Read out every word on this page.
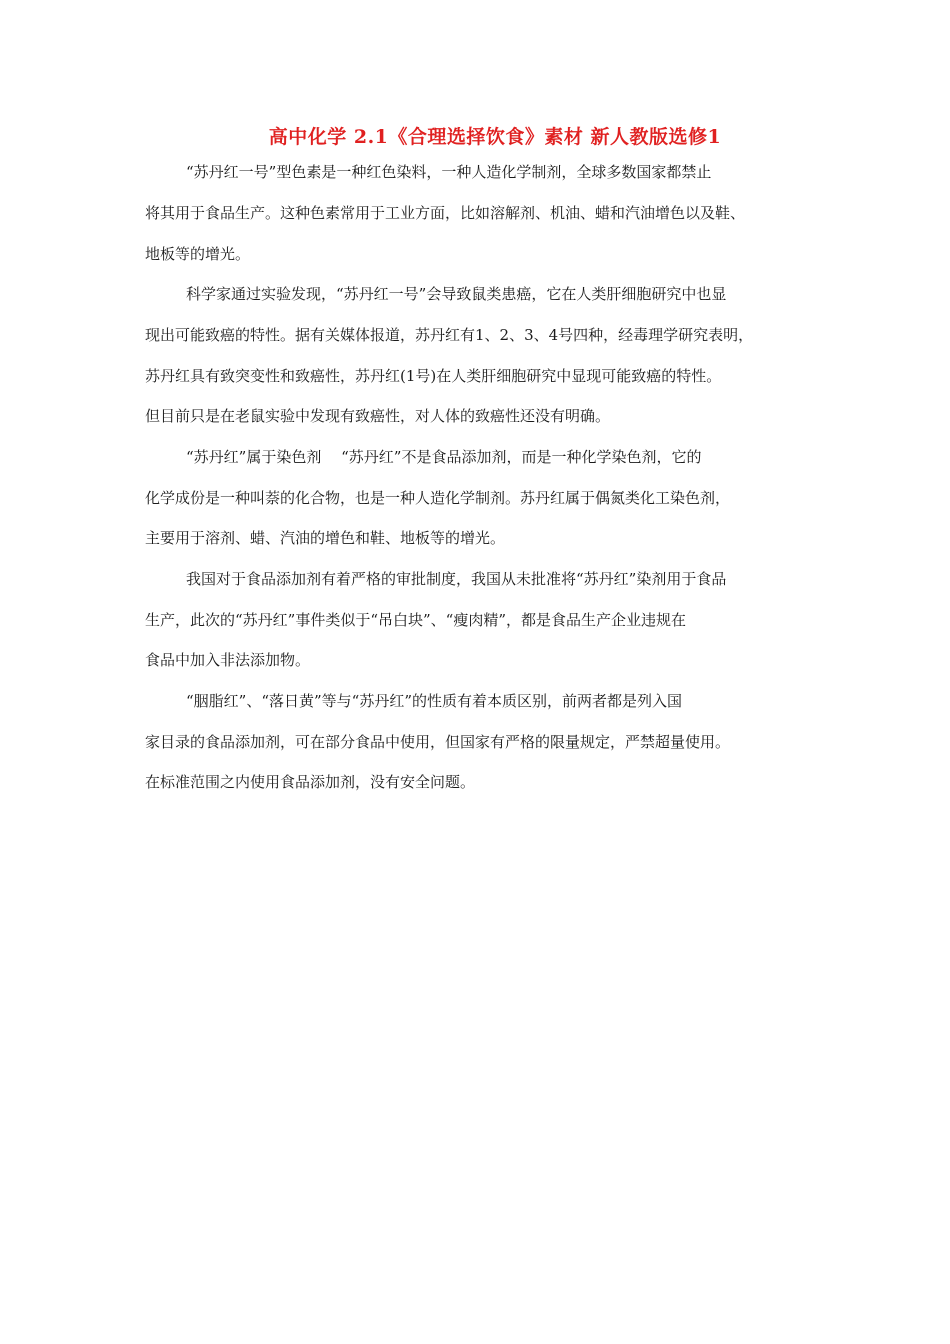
高中化学 2.1《合理选择饮食》素材 新人教版选修1
“苏丹红一号”型色素是一种红色染料，一种人造化学制剂，全球多数国家都禁止
将其用于食品生产。这种色素常用于工业方面，比如溶解剂、机油、蜡和汽油增色以及鞋、
地板等的增光。
科学家通过实验发现，“苏丹红一号”会导致鼠类患癌，它在人类肝细胞研究中也显
现出可能致癌的特性。据有关媒体报道，苏丹红有1、2、3、4号四种，经毒理学研究表明，
苏丹红具有致突变性和致癌性，苏丹红(1号)在人类肝细胞研究中显现可能致癌的特性。
但目前只是在老鼠实验中发现有致癌性，对人体的致癌性还没有明确。
“苏丹红”属于染色剂　 “苏丹红”不是食品添加剂，而是一种化学染色剂，它的
化学成份是一种叫萘的化合物，也是一种人造化学制剂。苏丹红属于偶氮类化工染色剂，
主要用于溶剂、蜡、汽油的增色和鞋、地板等的增光。
我国对于食品添加剂有着严格的审批制度，我国从未批准将“苏丹红”染剂用于食品
生产，此次的“苏丹红”事件类似于“吊白块”、“瘦肉精”，都是食品生产企业违规在
食品中加入非法添加物。
“胭脂红”、“落日黄”等与“苏丹红”的性质有着本质区别，前两者都是列入国
家目录的食品添加剂，可在部分食品中使用，但国家有严格的限量规定，严禁超量使用。
在标准范围之内使用食品添加剂，没有安全问题。
